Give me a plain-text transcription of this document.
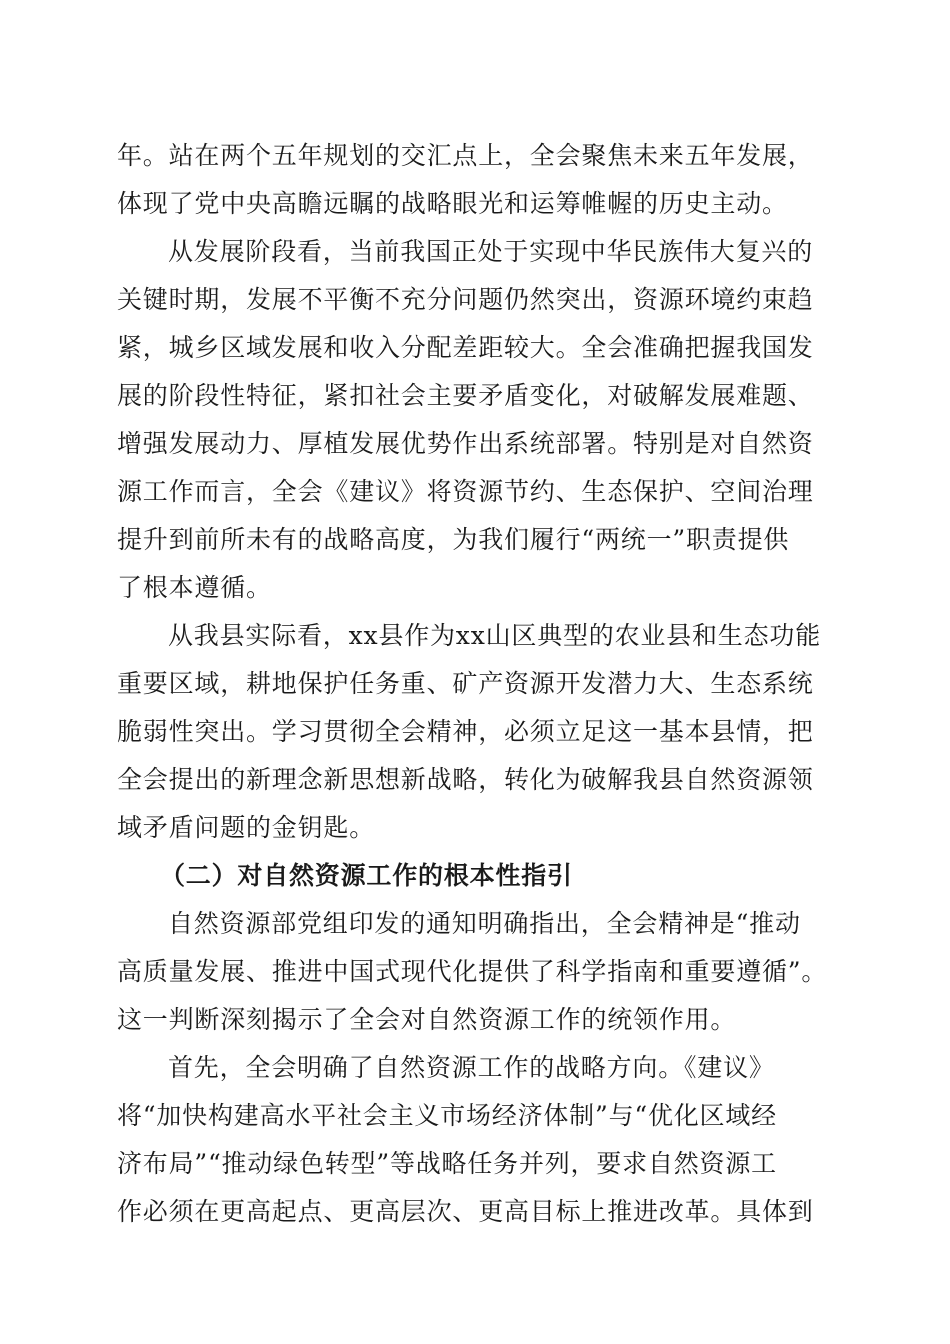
年。站在两个五年规划的交汇点上，全会聚焦未来五年发展，
体现了党中央高瞻远瞩的战略眼光和运筹帷幄的历史主动。
从发展阶段看，当前我国正处于实现中华民族伟大复兴的
关键时期，发展不平衡不充分问题仍然突出，资源环境约束趋
紧，城乡区域发展和收入分配差距较大。全会准确把握我国发
展的阶段性特征，紧扣社会主要矛盾变化，对破解发展难题、
增强发展动力、厚植发展优势作出系统部署。特别是对自然资
源工作而言，全会《建议》将资源节约、生态保护、空间治理
提升到前所未有的战略高度，为我们履行“两统一”职责提供
了根本遵循。
从我县实际看，xx县作为xx山区典型的农业县和生态功能
重要区域，耕地保护任务重、矿产资源开发潜力大、生态系统
脆弱性突出。学习贯彻全会精神，必须立足这一基本县情，把
全会提出的新理念新思想新战略，转化为破解我县自然资源领
域矛盾问题的金钥匙。
（二）对自然资源工作的根本性指引
自然资源部党组印发的通知明确指出，全会精神是“推动
高质量发展、推进中国式现代化提供了科学指南和重要遵循”。
这一判断深刻揭示了全会对自然资源工作的统领作用。
首先，全会明确了自然资源工作的战略方向。《建议》
将“加快构建高水平社会主义市场经济体制”与“优化区域经
济布局”“推动绿色转型”等战略任务并列，要求自然资源工
作必须在更高起点、更高层次、更高目标上推进改革。具体到
